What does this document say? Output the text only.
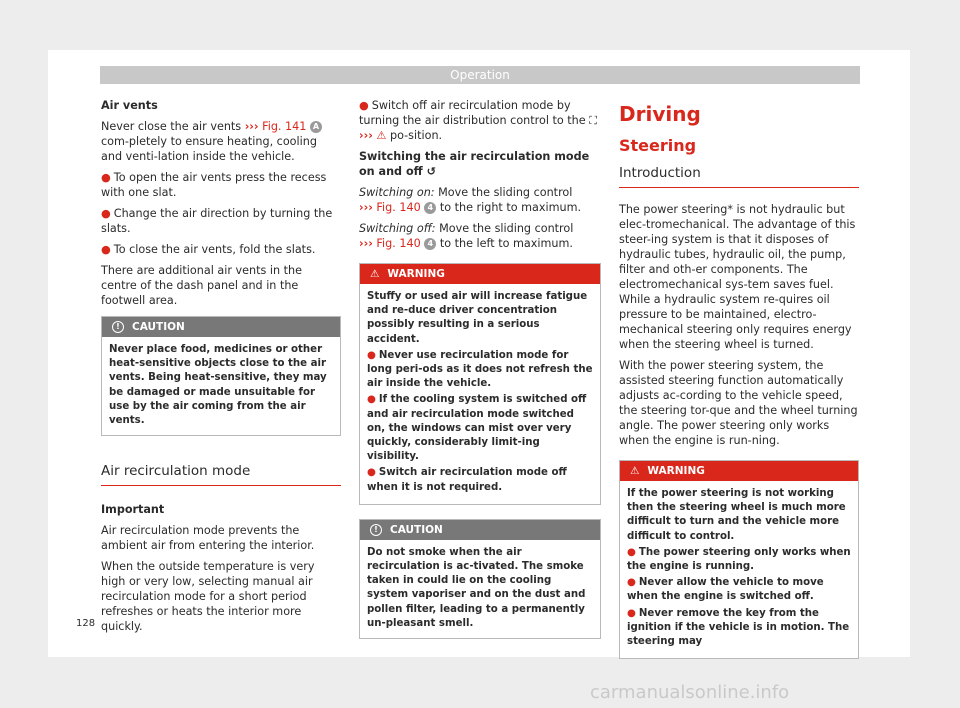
Operation

Air vents

Never close the air vents ››› Fig. 141 A com-pletely to ensure heating, cooling and venti-lation inside the vehicle.

● To open the air vents press the recess with one slat.

● Change the air direction by turning the slats.

● To close the air vents, fold the slats.

There are additional air vents in the centre of the dash panel and in the footwell area.

!	CAUTION
Never place food, medicines or other heat-sensitive objects close to the air vents. Being heat-sensitive, they may be damaged or made unsuitable for use by the air coming from the air vents.
Air recirculation mode

Important

Air recirculation mode prevents the ambient air from entering the interior.

When the outside temperature is very high or very low, selecting manual air recirculation mode for a short period refreshes or heats the interior more quickly.

● Switch off air recirculation mode by turning the air distribution control to the ⛶ ››› ⚠ po-sition.

Switching the air recirculation mode on and off ↺

Switching on: Move the sliding control
››› Fig. 140 4 to the right to maximum.

Switching off: Move the sliding control
››› Fig. 140 4 to the left to maximum.

⚠ WARNING

Stuffy or used air will increase fatigue and re-duce driver concentration possibly resulting in a serious accident.

● Never use recirculation mode for long peri-ods as it does not refresh the air inside the vehicle.

● If the cooling system is switched off and air recirculation mode switched on, the windows can mist over very quickly, considerably limit-ing visibility.

● Switch air recirculation mode off when it is not required.

!	CAUTION
Do not smoke when the air recirculation is ac-tivated. The smoke taken in could lie on the cooling system vaporiser and on the dust and pollen filter, leading to a permanently un-pleasant smell.
Driving
Steering
Introduction

The power steering* is not hydraulic but elec-tromechanical. The advantage of this steer-ing system is that it disposes of hydraulic tubes, hydraulic oil, the pump, filter and oth-er components. The electromechanical sys-tem saves fuel. While a hydraulic system re-quires oil pressure to be maintained, electro-mechanical steering only requires energy when the steering wheel is turned.

With the power steering system, the assisted steering function automatically adjusts ac-cording to the vehicle speed, the steering tor-que and the wheel turning angle. The power steering only works when the engine is run-ning.

⚠ WARNING

If the power steering is not working then the steering wheel is much more difficult to turn and the vehicle more difficult to control.

● The power steering only works when the engine is running.

● Never allow the vehicle to move when the engine is switched off.

● Never remove the key from the ignition if the vehicle is in motion. The steering may

128
carmanualsonline.info
